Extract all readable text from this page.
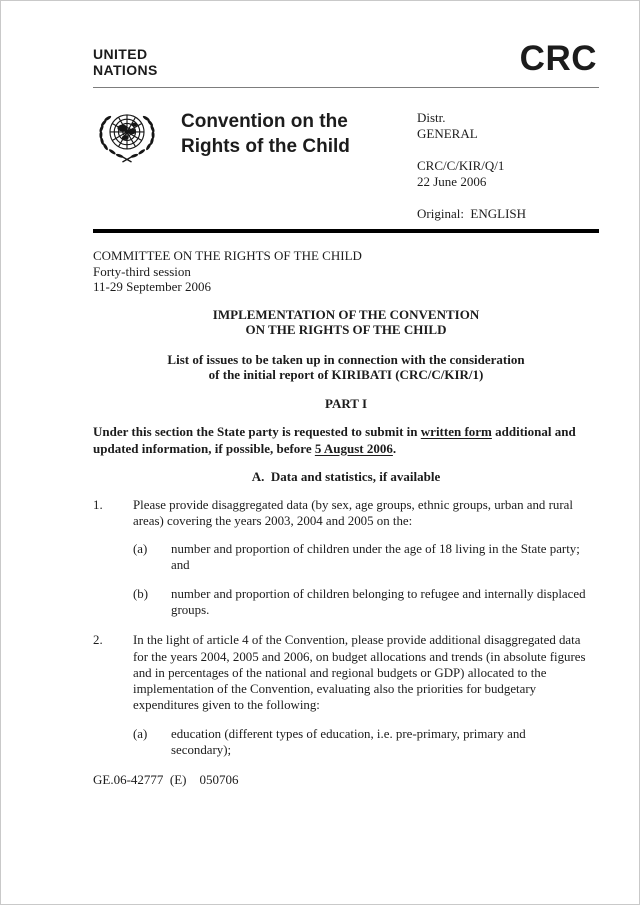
UNITED
NATIONS	CRC
Convention on the
Rights of the Child
Distr.
GENERAL
CRC/C/KIR/Q/1
22 June 2006
Original:  ENGLISH
COMMITTEE ON THE RIGHTS OF THE CHILD
Forty-third session
11-29 September 2006
IMPLEMENTATION OF THE CONVENTION
ON THE RIGHTS OF THE CHILD
List of issues to be taken up in connection with the consideration
of the initial report of KIRIBATI (CRC/C/KIR/1)
PART I
Under this section the State party is requested to submit in written form additional and updated information, if possible, before 5 August 2006.
A.  Data and statistics, if available
1.	Please provide disaggregated data (by sex, age groups, ethnic groups, urban and rural areas) covering the years 2003, 2004 and 2005 on the:
(a)	number and proportion of children under the age of 18 living in the State party; and
(b)	number and proportion of children belonging to refugee and internally displaced groups.
2.	In the light of article 4 of the Convention, please provide additional disaggregated data for the years 2004, 2005 and 2006, on budget allocations and trends (in absolute figures and in percentages of the national and regional budgets or GDP) allocated to the implementation of the Convention, evaluating also the priorities for budgetary expenditures given to the following:
(a)	education (different types of education, i.e. pre-primary, primary and secondary);
GE.06-42777  (E)    050706
